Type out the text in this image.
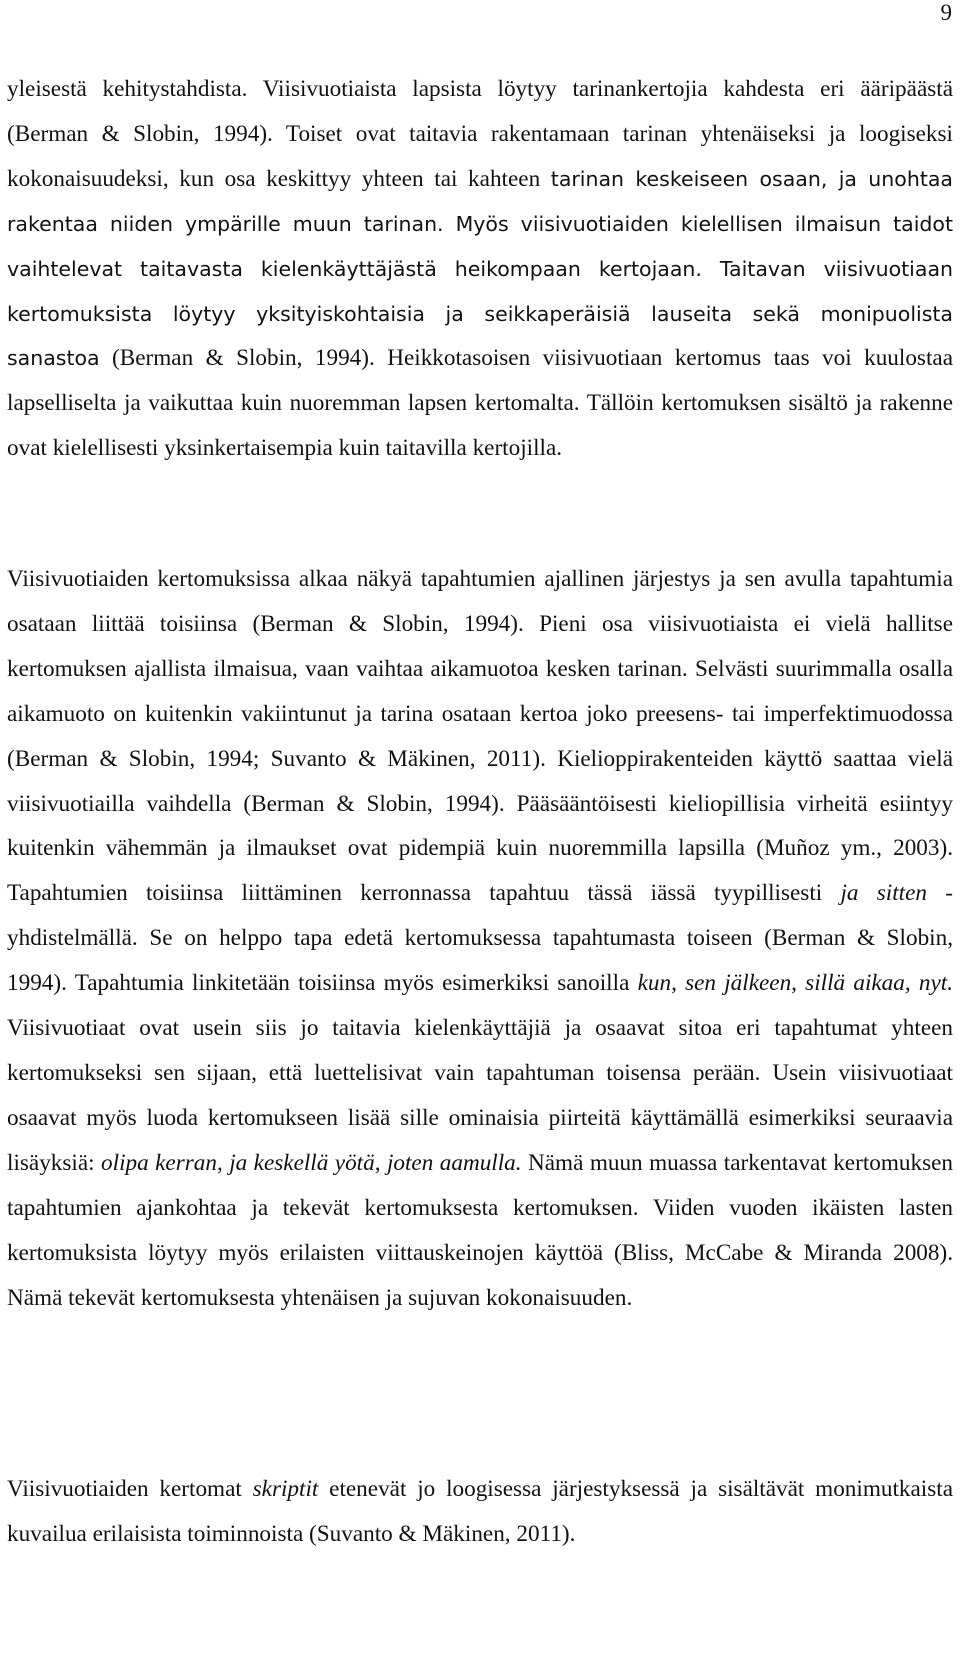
9

yleisestä kehitystahdista. Viisivuotiaista lapsista löytyy tarinankertojia kahdesta eri ääripäästä (Berman & Slobin, 1994). Toiset ovat taitavia rakentamaan tarinan yhtenäiseksi ja loogiseksi kokonaisuudeksi, kun osa keskittyy yhteen tai kahteen tarinan keskeiseen osaan, ja unohtaa rakentaa niiden ympärille muun tarinan. Myös viisivuotiaiden kielellisen ilmaisun taidot vaihtelevat taitavasta kielenkäyttäjästä heikompaan kertojaan. Taitavan viisivuotiaan kertomuksista löytyy yksityiskohtaisia ja seikkaperäisiä lauseita sekä monipuolista sanastoa (Berman & Slobin, 1994). Heikkotasoisen viisivuotiaan kertomus taas voi kuulostaa lapselliselta ja vaikuttaa kuin nuoremman lapsen kertomalta. Tällöin kertomuksen sisältö ja rakenne ovat kielellisesti yksinkertaisempia kuin taitavilla kertojilla.

Viisivuotiaiden kertomuksissa alkaa näkyä tapahtumien ajallinen järjestys ja sen avulla tapahtumia osataan liittää toisiinsa (Berman & Slobin, 1994). Pieni osa viisivuotiaista ei vielä hallitse kertomuksen ajallista ilmaisua, vaan vaihtaa aikamuotoa kesken tarinan. Selvästi suurimmalla osalla aikamuoto on kuitenkin vakiintunut ja tarina osataan kertoa joko preesens- tai imperfektimuodossa (Berman & Slobin, 1994; Suvanto & Mäkinen, 2011). Kielioppirakenteiden käyttö saattaa vielä viisivuotiailla vaihdella (Berman & Slobin, 1994). Pääsääntöisesti kieliopillisia virheitä esiintyy kuitenkin vähemmän ja ilmaukset ovat pidempiä kuin nuoremmilla lapsilla (Muñoz ym., 2003). Tapahtumien toisiinsa liittäminen kerronnassa tapahtuu tässä iässä tyypillisesti ja sitten -yhdistelmällä. Se on helppo tapa edetä kertomuksessa tapahtumasta toiseen (Berman & Slobin, 1994). Tapahtumia linkitetään toisiinsa myös esimerkiksi sanoilla kun, sen jälkeen, sillä aikaa, nyt. Viisivuotiaat ovat usein siis jo taitavia kielenkäyttäjiä ja osaavat sitoa eri tapahtumat yhteen kertomukseksi sen sijaan, että luettelisivat vain tapahtuman toisensa perään. Usein viisivuotiaat osaavat myös luoda kertomukseen lisää sille ominaisia piirteitä käyttämällä esimerkiksi seuraavia lisäyksiä: olipa kerran, ja keskellä yötä, joten aamulla. Nämä muun muassa tarkentavat kertomuksen tapahtumien ajankohtaa ja tekevät kertomuksesta kertomuksen. Viiden vuoden ikäisten lasten kertomuksista löytyy myös erilaisten viittauskeinojen käyttöä (Bliss, McCabe & Miranda 2008). Nämä tekevät kertomuksesta yhtenäisen ja sujuvan kokonaisuuden.

Viisivuotiaiden kertomat skriptit etenevät jo loogisessa järjestyksessä ja sisältävät monimutkaista kuvailua erilaisista toiminnoista (Suvanto & Mäkinen, 2011).
